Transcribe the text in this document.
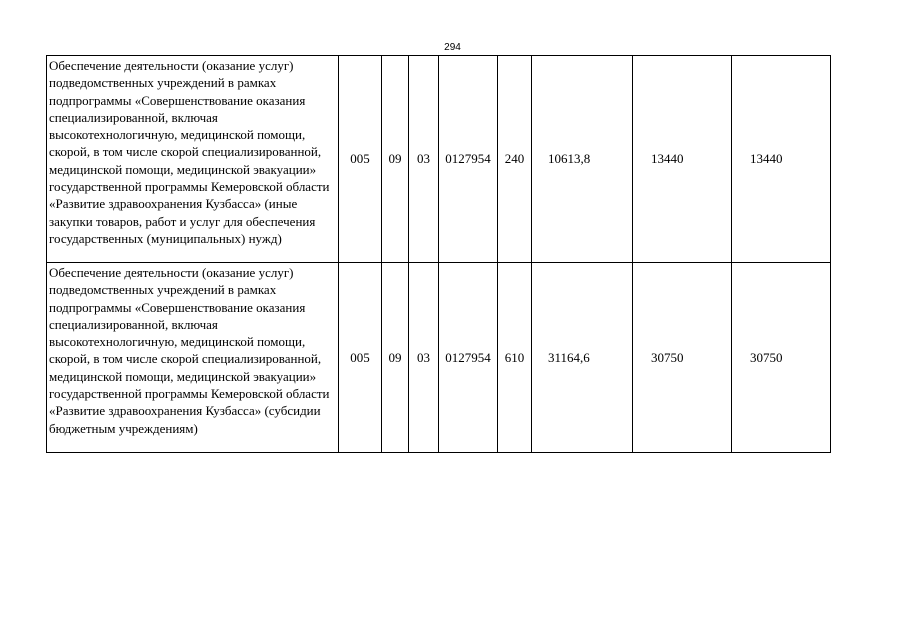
294
Обеспечение деятельности (оказание услуг) подведомственных учреждений в рамках подпрограммы «Совершенствование оказания специализированной, включая высокотехнологичную, медицинской помощи, скорой, в том числе скорой специализированной, медицинской помощи, медицинской эвакуации» государственной программы Кемеровской области «Развитие здравоохранения Кузбасса» (иные закупки товаров, работ и услуг для обеспечения государственных (муниципальных) нужд)	005	09	03	0127954	240	10613,8	13440	13440
Обеспечение деятельности (оказание услуг) подведомственных учреждений в рамках подпрограммы «Совершенствование оказания специализированной, включая высокотехнологичную, медицинской помощи, скорой, в том числе скорой специализированной, медицинской помощи, медицинской эвакуации» государственной программы Кемеровской области «Развитие здравоохранения Кузбасса» (субсидии бюджетным учреждениям)	005	09	03	0127954	610	31164,6	30750	30750
